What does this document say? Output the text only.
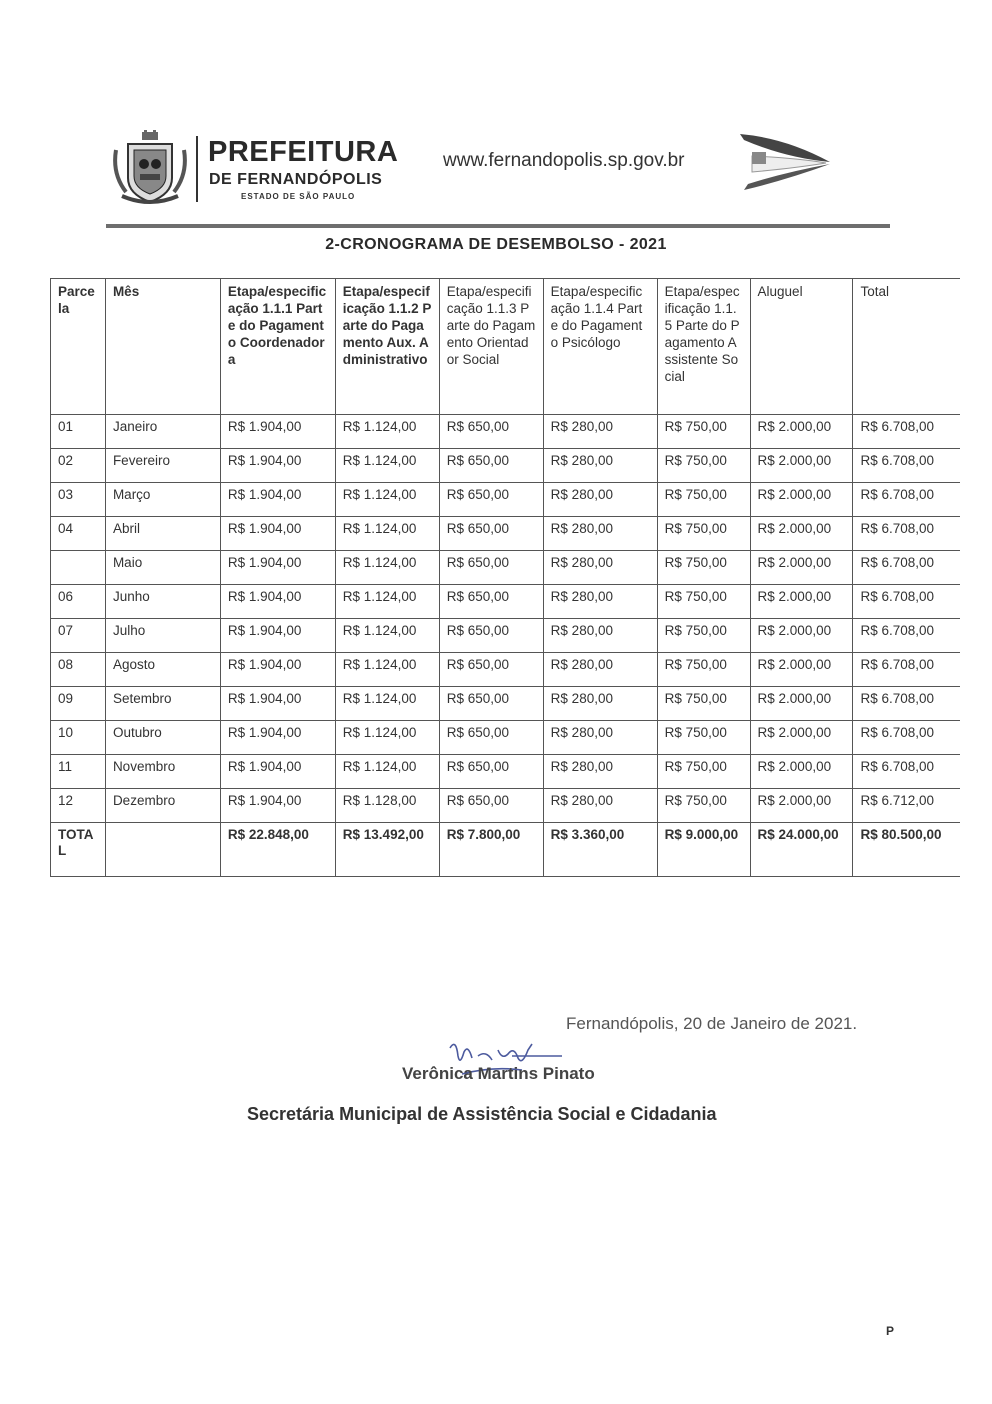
PREFEITURA
DE FERNANDÓPOLIS
ESTADO DE SÃO PAULO
www.fernandopolis.sp.gov.br
2-CRONOGRAMA DE DESEMBOLSO - 2021
Parcela	Mês	Etapa/especificação 1.1.1 Parte do Pagamento Coordenadora	Etapa/especificação 1.1.2 Parte do Pagamento Aux. Administrativo	Etapa/especificação 1.1.3 Parte do Pagamento Orientador Social	Etapa/especificação 1.1.4 Parte do Pagamento Psicólogo	Etapa/especificação 1.1.5 Parte do Pagamento Assistente Social	Aluguel	Total
01	Janeiro	R$ 1.904,00	R$ 1.124,00	R$ 650,00	R$ 280,00	R$ 750,00	R$ 2.000,00	R$ 6.708,00
02	Fevereiro	R$ 1.904,00	R$ 1.124,00	R$ 650,00	R$ 280,00	R$ 750,00	R$ 2.000,00	R$ 6.708,00
03	Março	R$ 1.904,00	R$ 1.124,00	R$ 650,00	R$ 280,00	R$ 750,00	R$ 2.000,00	R$ 6.708,00
04	Abril	R$ 1.904,00	R$ 1.124,00	R$ 650,00	R$ 280,00	R$ 750,00	R$ 2.000,00	R$ 6.708,00
	Maio	R$ 1.904,00	R$ 1.124,00	R$ 650,00	R$ 280,00	R$ 750,00	R$ 2.000,00	R$ 6.708,00
06	Junho	R$ 1.904,00	R$ 1.124,00	R$ 650,00	R$ 280,00	R$ 750,00	R$ 2.000,00	R$ 6.708,00
07	Julho	R$ 1.904,00	R$ 1.124,00	R$ 650,00	R$ 280,00	R$ 750,00	R$ 2.000,00	R$ 6.708,00
08	Agosto	R$ 1.904,00	R$ 1.124,00	R$ 650,00	R$ 280,00	R$ 750,00	R$ 2.000,00	R$ 6.708,00
09	Setembro	R$ 1.904,00	R$ 1.124,00	R$ 650,00	R$ 280,00	R$ 750,00	R$ 2.000,00	R$ 6.708,00
10	Outubro	R$ 1.904,00	R$ 1.124,00	R$ 650,00	R$ 280,00	R$ 750,00	R$ 2.000,00	R$ 6.708,00
11	Novembro	R$ 1.904,00	R$ 1.124,00	R$ 650,00	R$ 280,00	R$ 750,00	R$ 2.000,00	R$ 6.708,00
12	Dezembro	R$ 1.904,00	R$ 1.128,00	R$ 650,00	R$ 280,00	R$ 750,00	R$ 2.000,00	R$ 6.712,00
TOTAL		R$ 22.848,00	R$ 13.492,00	R$ 7.800,00	R$ 3.360,00	R$ 9.000,00	R$ 24.000,00	R$ 80.500,00
Fernandópolis, 20 de Janeiro de 2021.
Verônica Martins Pinato
Secretária Municipal de Assistência Social e Cidadania
P
